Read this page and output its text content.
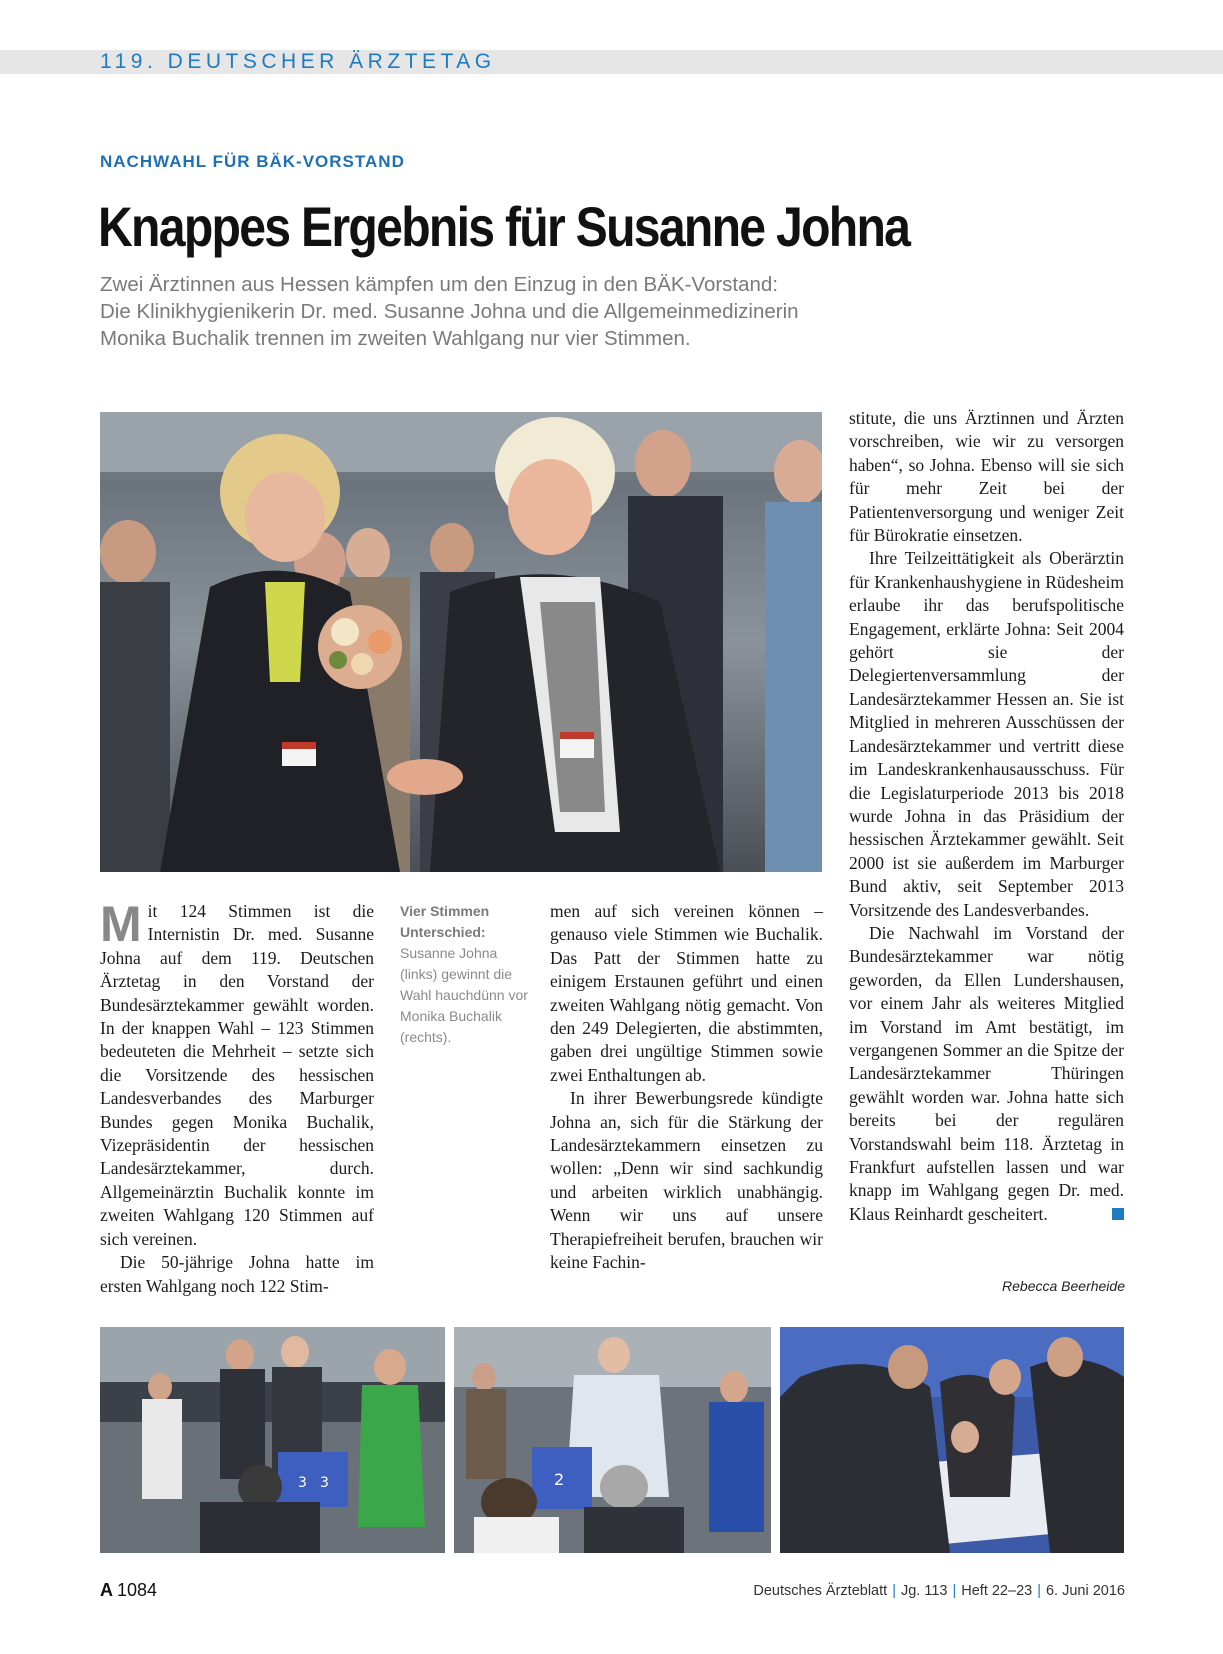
119. DEUTSCHER ÄRZTETAG
NACHWAHL FÜR BÄK-VORSTAND
Knappes Ergebnis für Susanne Johna
Zwei Ärztinnen aus Hessen kämpfen um den Einzug in den BÄK-Vorstand:
Die Klinikhygienikerin Dr. med. Susanne Johna und die Allgemeinmedizinerin
Monika Buchalik trennen im zweiten Wahlgang nur vier Stimmen.

Mit 124 Stimmen ist die Internistin Dr. med. Susanne Johna auf dem 119. Deutschen Ärztetag in den Vorstand der Bundesärztekammer gewählt worden. In der knappen Wahl – 123 Stimmen bedeuteten die Mehrheit – setzte sich die Vorsitzende des hessischen Landesverbandes des Marburger Bundes gegen Monika Buchalik, Vizepräsidentin der hessischen Landesärztekammer, durch. Allgemeinärztin Buchalik konnte im zweiten Wahlgang 120 Stimmen auf sich vereinen.

Die 50-jährige Johna hatte im ersten Wahlgang noch 122 Stim-

Vier Stimmen Unterschied:
Susanne Johna (links) gewinnt die Wahl hauchdünn vor Monika Buchalik (rechts).

men auf sich vereinen können – genauso viele Stimmen wie Buchalik. Das Patt der Stimmen hatte zu einigem Erstaunen geführt und einen zweiten Wahlgang nötig gemacht. Von den 249 Delegierten, die abstimmten, gaben drei ungültige Stimmen sowie zwei Enthaltungen ab.

In ihrer Bewerbungsrede kündigte Johna an, sich für die Stärkung der Landesärztekammern einsetzen zu wollen: „Denn wir sind sachkundig und arbeiten wirklich unabhängig. Wenn wir uns auf unsere Therapiefreiheit berufen, brauchen wir keine Fachin-

stitute, die uns Ärztinnen und Ärzten vorschreiben, wie wir zu versorgen haben“, so Johna. Ebenso will sie sich für mehr Zeit bei der Patientenversorgung und weniger Zeit für Bürokratie einsetzen.

Ihre Teilzeittätigkeit als Oberärztin für Krankenhaushygiene in Rüdesheim erlaube ihr das berufspolitische Engagement, erklärte Johna: Seit 2004 gehört sie der Delegiertenversammlung der Landesärztekammer Hessen an. Sie ist Mitglied in mehreren Ausschüssen der Landesärztekammer und vertritt diese im Landeskrankenhausausschuss. Für die Legislaturperiode 2013 bis 2018 wurde Johna in das Präsidium der hessischen Ärztekammer gewählt. Seit 2000 ist sie außerdem im Marburger Bund aktiv, seit September 2013 Vorsitzende des Landesverbandes.

Die Nachwahl im Vorstand der Bundesärztekammer war nötig geworden, da Ellen Lundershausen, vor einem Jahr als weiteres Mitglied im Vorstand im Amt bestätigt, im vergangenen Sommer an die Spitze der Landesärztekammer Thüringen gewählt worden war. Johna hatte sich bereits bei der regulären Vorstandswahl beim 118. Ärztetag in Frankfurt aufstellen lassen und war knapp im Wahlgang gegen Dr. med. Klaus Reinhardt gescheitert.

Rebecca Beerheide
3 3	2
A 1084	Deutsches Ärzteblatt | Jg. 113 | Heft 22–23 | 6. Juni 2016
